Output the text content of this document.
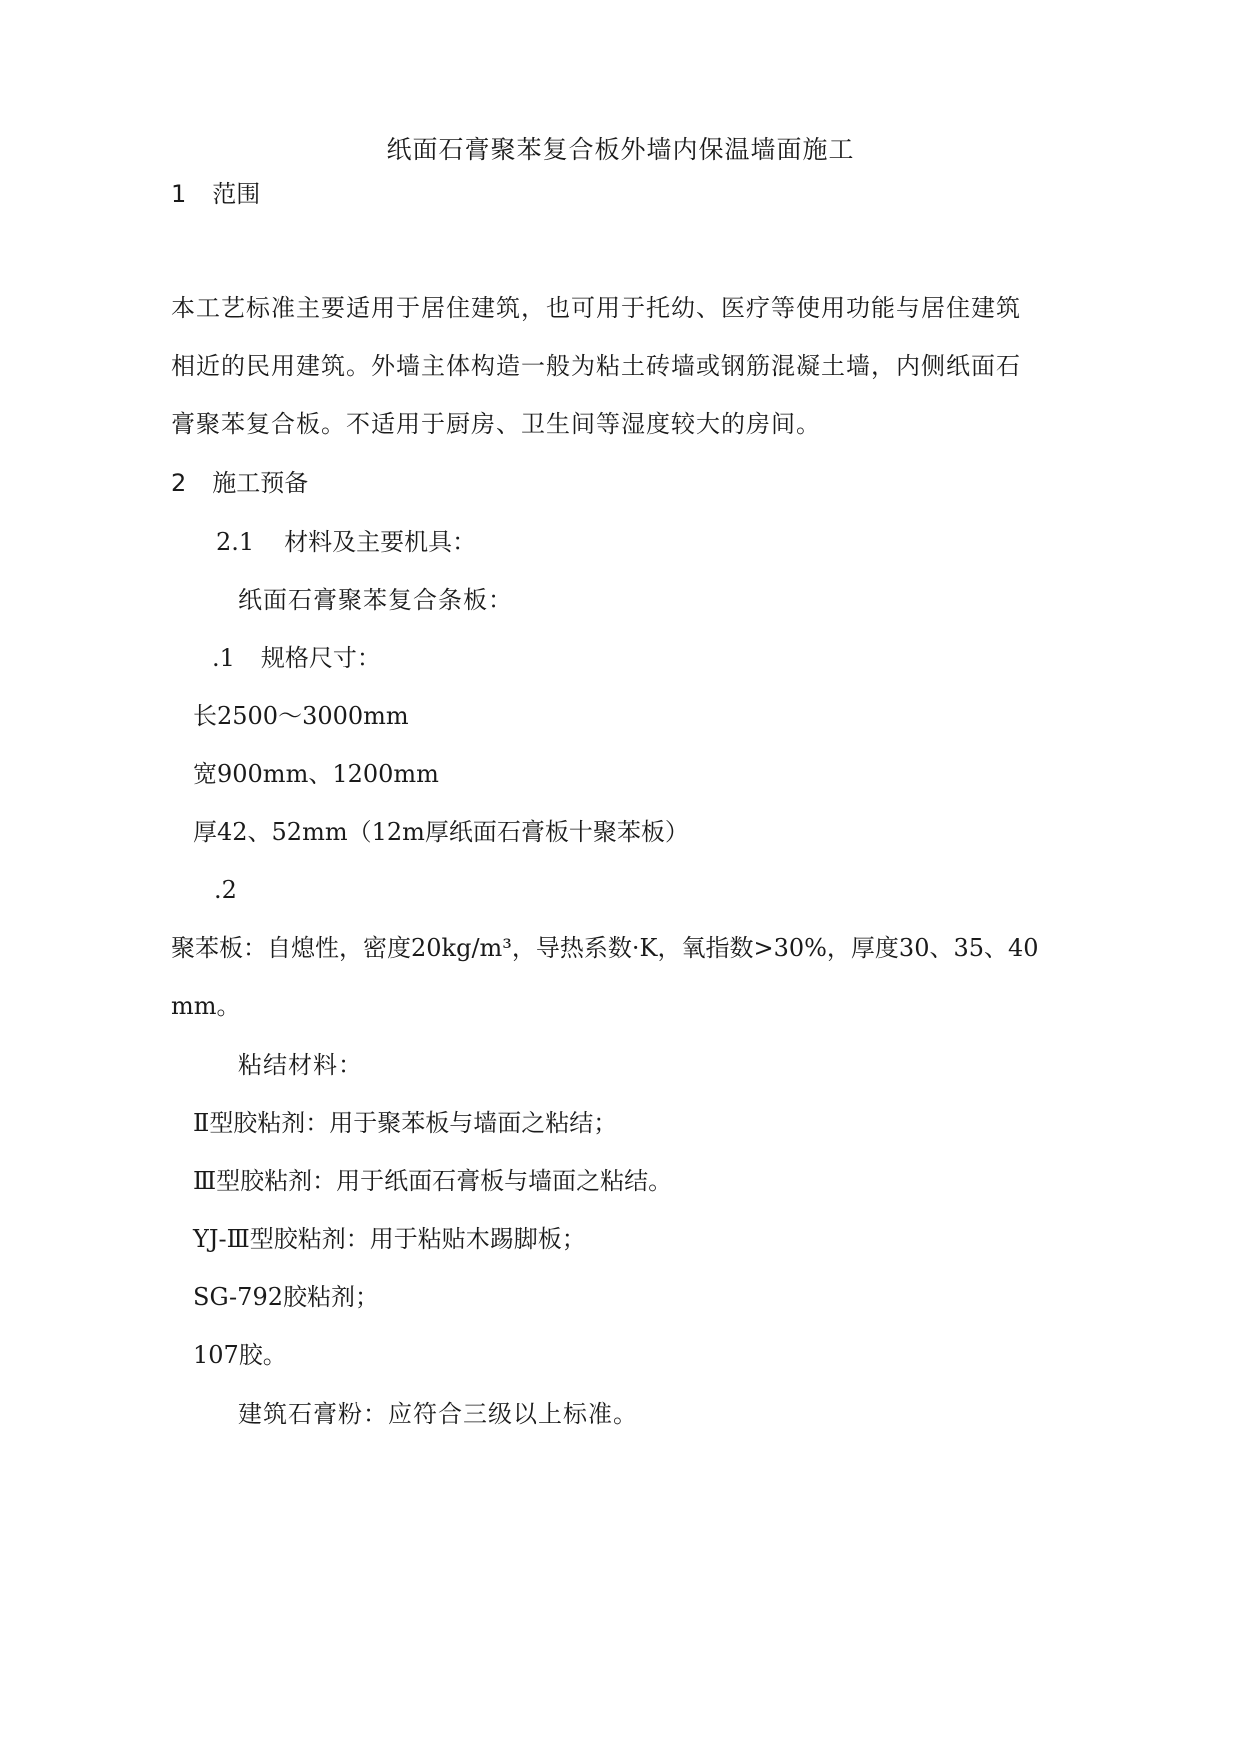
纸面石膏聚苯复合板外墙内保温墙面施工
1 范围
本工艺标准主要适用于居住建筑，也可用于托幼、医疗等使用功能与居住建筑
相近的民用建筑。外墙主体构造一般为粘土砖墙或钢筋混凝土墙，内侧纸面石
膏聚苯复合板。不适用于厨房、卫生间等湿度较大的房间。
2 施工预备
2.1 材料及主要机具：
纸面石膏聚苯复合条板：
.1 规格尺寸：
长2500～3000mm
宽900mm、1200mm
厚42、52mm（12m厚纸面石膏板十聚苯板）
.2
聚苯板：自熄性，密度20kg/m³，导热系数·K，氧指数>30%，厚度30、35、40
mm。
粘结材料：
Ⅱ型胶粘剂：用于聚苯板与墙面之粘结；
Ⅲ型胶粘剂：用于纸面石膏板与墙面之粘结。
YJ-Ⅲ型胶粘剂：用于粘贴木踢脚板；
SG-792胶粘剂；
107胶。
建筑石膏粉：应符合三级以上标准。
